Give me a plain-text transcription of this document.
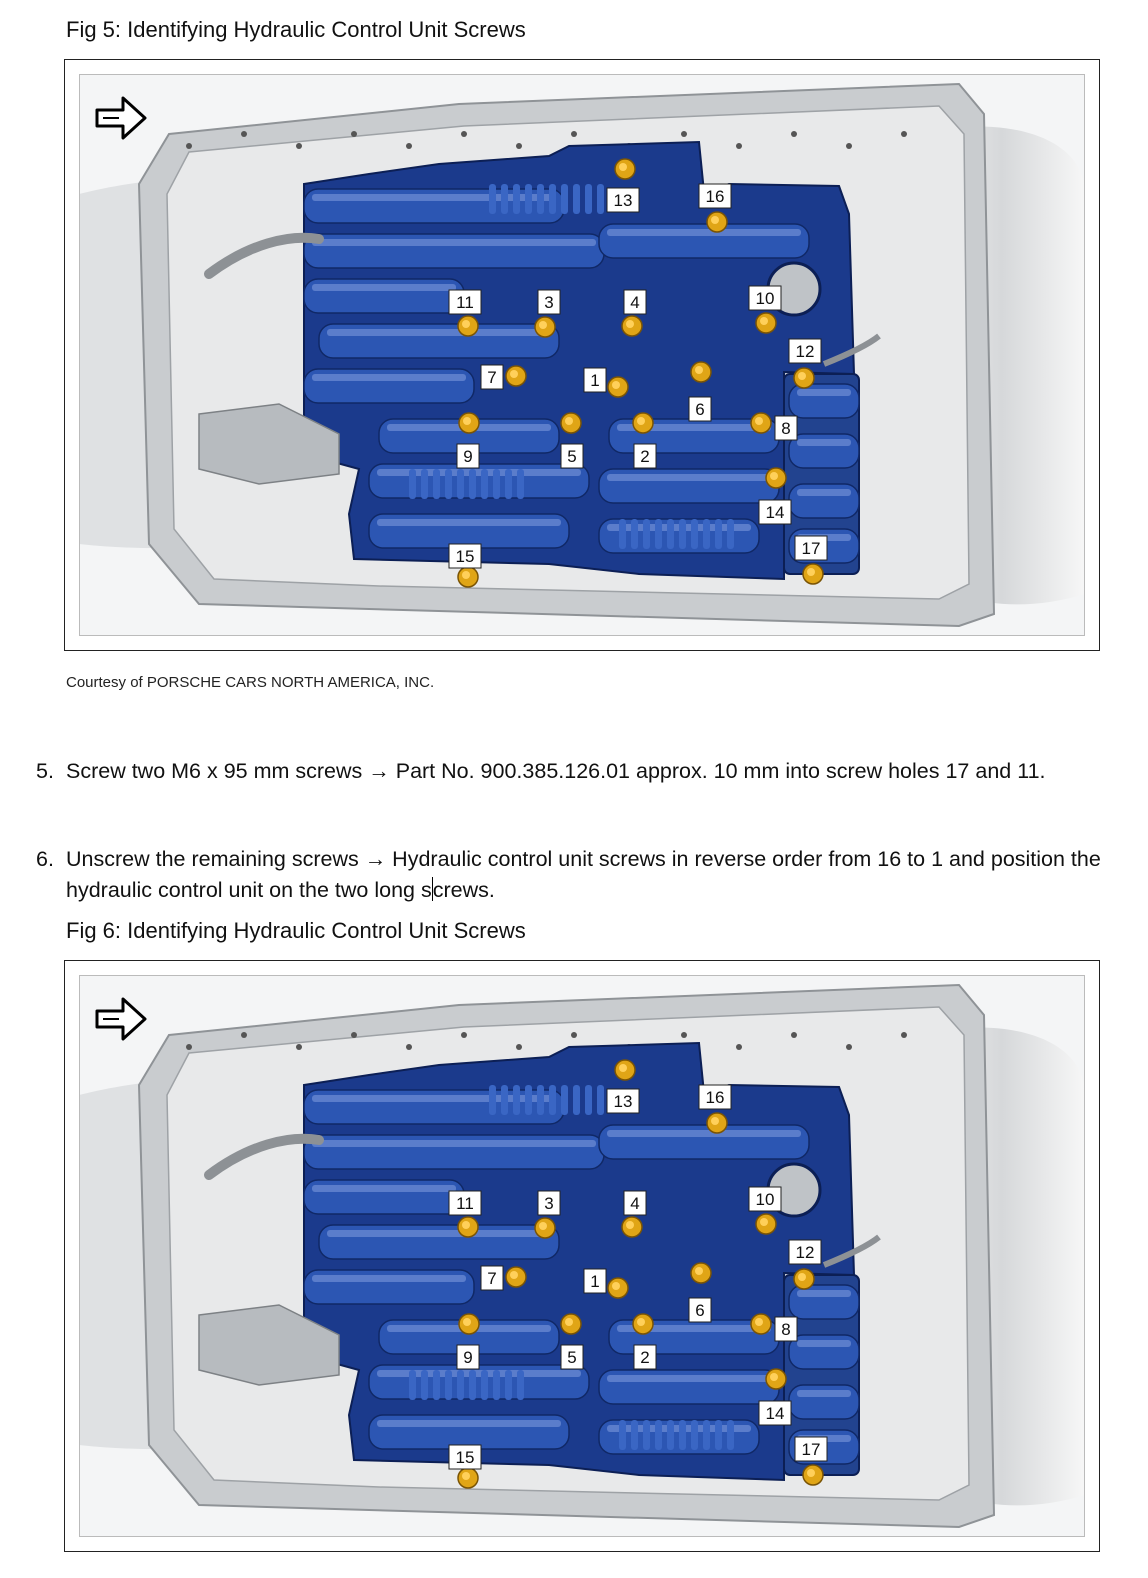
Fig 5: Identifying Hydraulic Control Unit Screws
1
2
3	4
5
6
7
8
9
10
11
12
13
14
15
16
17
Courtesy of PORSCHE CARS NORTH AMERICA, INC.
5. Screw two M6 x 95 mm screws → Part No. 900.385.126.01 approx. 10 mm into screw holes 17 and 11.
6. Unscrew the remaining screws → Hydraulic control unit screws in reverse order from 16 to 1 and position the hydraulic control unit on the two long screws.
Fig 6: Identifying Hydraulic Control Unit Screws
1
2
3	4
5
6
7
8
9
10
11
12
13
14
15
16
17
